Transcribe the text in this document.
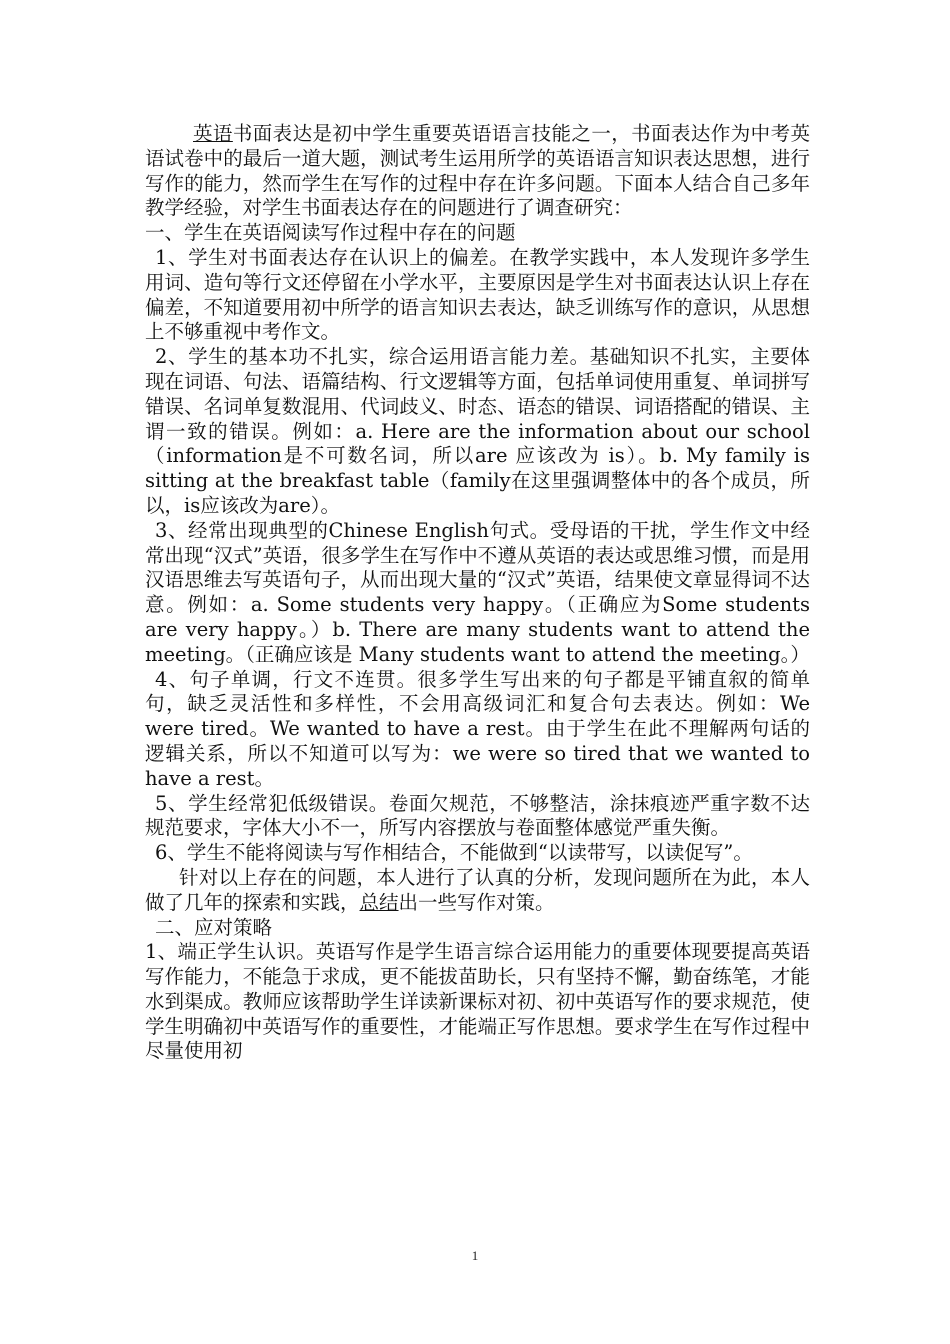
英语书面表达是初中学生重要英语语言技能之一，书面表达作为中考英语试卷中的最后一道大题，测试考生运用所学的英语语言知识表达思想，进行写作的能力，然而学生在写作的过程中存在许多问题。下面本人结合自己多年教学经验，对学生书面表达存在的问题进行了调查研究：

一、学生在英语阅读写作过程中存在的问题

1、学生对书面表达存在认识上的偏差。在教学实践中，本人发现许多学生用词、造句等行文还停留在小学水平，主要原因是学生对书面表达认识上存在偏差，不知道要用初中所学的语言知识去表达，缺乏训练写作的意识，从思想上不够重视中考作文。

2、学生的基本功不扎实，综合运用语言能力差。基础知识不扎实，主要体现在词语、句法、语篇结构、行文逻辑等方面，包括单词使用重复、单词拼写错误、名词单复数混用、代词歧义、时态、语态的错误、词语搭配的错误、主谓一致的错误。例如：a. Here are the information about our school（information是不可数名词，所以are 应该改为 is）。b. My family is sitting at the breakfast table（family在这里强调整体中的各个成员，所以，is应该改为are）。

3、经常出现典型的Chinese English句式。受母语的干扰，学生作文中经常出现“汉式”英语，很多学生在写作中不遵从英语的表达或思维习惯，而是用汉语思维去写英语句子，从而出现大量的“汉式”英语，结果使文章显得词不达意。例如：a. Some students very happy。（正确应为Some students are very happy。）b. There are many students want to attend the meeting。（正确应该是 Many students want to attend the meeting。）

4、句子单调，行文不连贯。很多学生写出来的句子都是平铺直叙的简单句，缺乏灵活性和多样性，不会用高级词汇和复合句去表达。例如：We were tired。We wanted to have a rest。由于学生在此不理解两句话的逻辑关系，所以不知道可以写为：we were so tired that we wanted to have a rest。

5、学生经常犯低级错误。卷面欠规范，不够整洁，涂抹痕迹严重字数不达规范要求，字体大小不一，所写内容摆放与卷面整体感觉严重失衡。

6、学生不能将阅读与写作相结合，不能做到“以读带写，以读促写”。

针对以上存在的问题，本人进行了认真的分析，发现问题所在为此，本人做了几年的探索和实践，总结出一些写作对策。

二、应对策略

1、端正学生认识。英语写作是学生语言综合运用能力的重要体现要提高英语写作能力，不能急于求成，更不能拔苗助长，只有坚持不懈，勤奋练笔，才能水到渠成。教师应该帮助学生详读新课标对初、初中英语写作的要求规范，使学生明确初中英语写作的重要性，才能端正写作思想。要求学生在写作过程中尽量使用初

1
